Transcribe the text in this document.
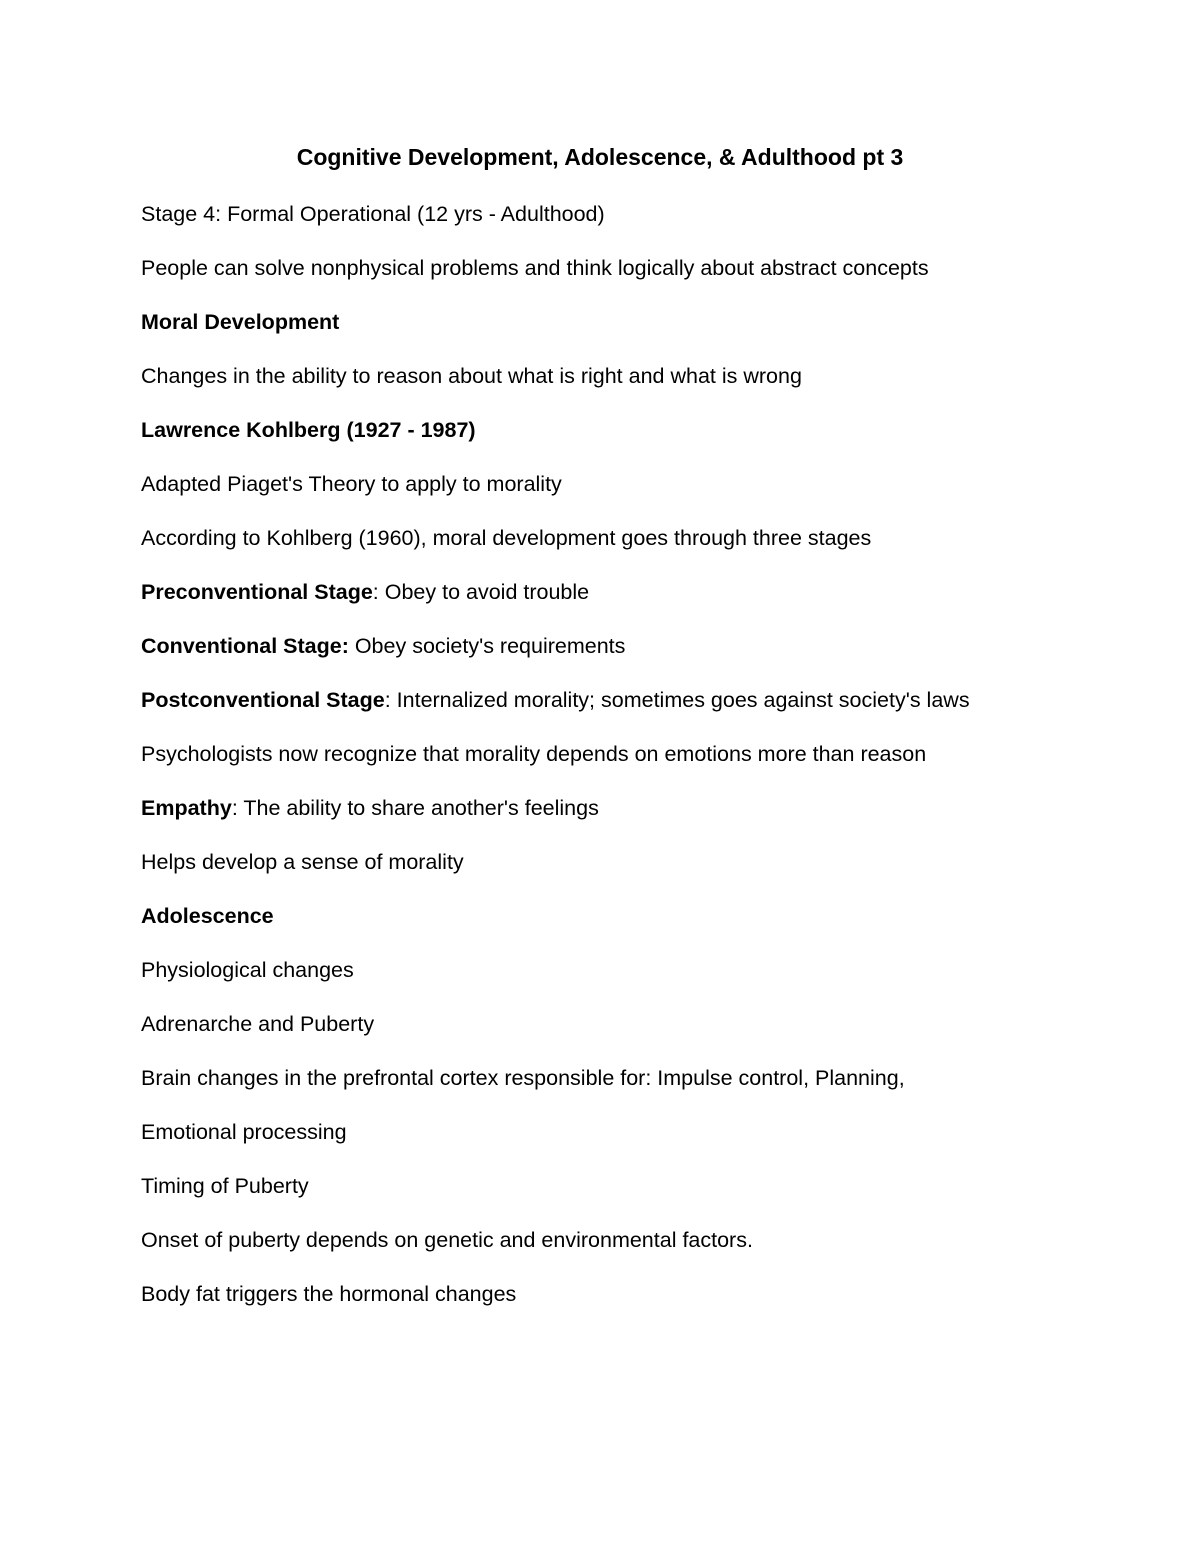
Cognitive Development, Adolescence, & Adulthood pt 3
Stage 4: Formal Operational (12 yrs - Adulthood)
People can solve nonphysical problems and think logically about abstract concepts
Moral Development
Changes in the ability to reason about what is right and what is wrong
Lawrence Kohlberg (1927 - 1987)
Adapted Piaget's Theory to apply to morality
According to Kohlberg (1960), moral development goes through three stages
Preconventional Stage: Obey to avoid trouble
Conventional Stage: Obey society's requirements
Postconventional Stage: Internalized morality; sometimes goes against society's laws
Psychologists now recognize that morality depends on emotions more than reason
Empathy: The ability to share another's feelings
Helps develop a sense of morality
Adolescence
Physiological changes
Adrenarche and Puberty
Brain changes in the prefrontal cortex responsible for: Impulse control, Planning,
Emotional processing
Timing of Puberty
Onset of puberty depends on genetic and environmental factors.
Body fat triggers the hormonal changes
